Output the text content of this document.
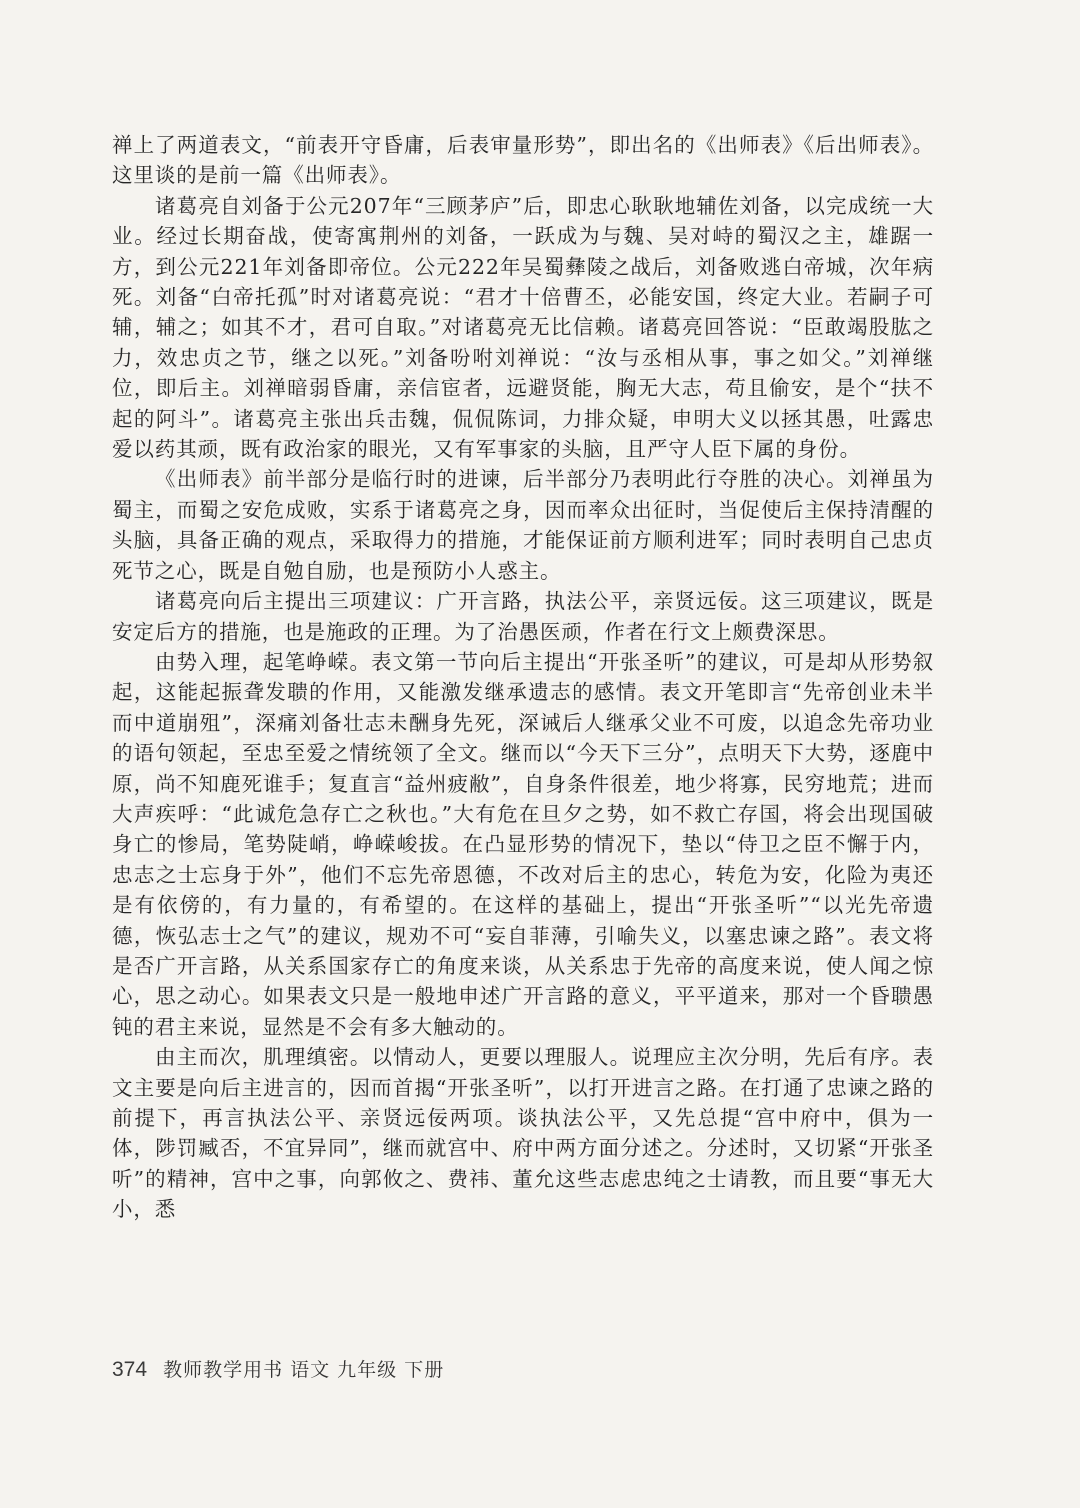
禅上了两道表文，“前表开守昏庸，后表审量形势”，即出名的《出师表》《后出师表》。这里谈的是前一篇《出师表》。

诸葛亮自刘备于公元207年“三顾茅庐”后，即忠心耿耿地辅佐刘备，以完成统一大业。经过长期奋战，使寄寓荆州的刘备，一跃成为与魏、吴对峙的蜀汉之主，雄踞一方，到公元221年刘备即帝位。公元222年吴蜀彝陵之战后，刘备败逃白帝城，次年病死。刘备“白帝托孤”时对诸葛亮说：“君才十倍曹丕，必能安国，终定大业。若嗣子可辅，辅之；如其不才，君可自取。”对诸葛亮无比信赖。诸葛亮回答说：“臣敢竭股肱之力，效忠贞之节，继之以死。”刘备吩咐刘禅说：“汝与丞相从事，事之如父。”刘禅继位，即后主。刘禅暗弱昏庸，亲信宦者，远避贤能，胸无大志，苟且偷安，是个“扶不起的阿斗”。诸葛亮主张出兵击魏，侃侃陈词，力排众疑，申明大义以拯其愚，吐露忠爱以药其顽，既有政治家的眼光，又有军事家的头脑，且严守人臣下属的身份。

《出师表》前半部分是临行时的进谏，后半部分乃表明此行夺胜的决心。刘禅虽为蜀主，而蜀之安危成败，实系于诸葛亮之身，因而率众出征时，当促使后主保持清醒的头脑，具备正确的观点，采取得力的措施，才能保证前方顺利进军；同时表明自己忠贞死节之心，既是自勉自励，也是预防小人惑主。

诸葛亮向后主提出三项建议：广开言路，执法公平，亲贤远佞。这三项建议，既是安定后方的措施，也是施政的正理。为了治愚医顽，作者在行文上颇费深思。

由势入理，起笔峥嵘。表文第一节向后主提出“开张圣听”的建议，可是却从形势叙起，这能起振聋发聩的作用，又能激发继承遗志的感情。表文开笔即言“先帝创业未半而中道崩殂”，深痛刘备壮志未酬身先死，深诫后人继承父业不可废，以追念先帝功业的语句领起，至忠至爱之情统领了全文。继而以“今天下三分”，点明天下大势，逐鹿中原，尚不知鹿死谁手；复直言“益州疲敝”，自身条件很差，地少将寡，民穷地荒；进而大声疾呼：“此诚危急存亡之秋也。”大有危在旦夕之势，如不救亡存国，将会出现国破身亡的惨局，笔势陡峭，峥嵘峻拔。在凸显形势的情况下，垫以“侍卫之臣不懈于内，忠志之士忘身于外”，他们不忘先帝恩德，不改对后主的忠心，转危为安，化险为夷还是有依傍的，有力量的，有希望的。在这样的基础上，提出“开张圣听”“以光先帝遗德，恢弘志士之气”的建议，规劝不可“妄自菲薄，引喻失义，以塞忠谏之路”。表文将是否广开言路，从关系国家存亡的角度来谈，从关系忠于先帝的高度来说，使人闻之惊心，思之动心。如果表文只是一般地申述广开言路的意义，平平道来，那对一个昏聩愚钝的君主来说，显然是不会有多大触动的。

由主而次，肌理缜密。以情动人，更要以理服人。说理应主次分明，先后有序。表文主要是向后主进言的，因而首揭“开张圣听”，以打开进言之路。在打通了忠谏之路的前提下，再言执法公平、亲贤远佞两项。谈执法公平，又先总提“宫中府中，俱为一体，陟罚臧否，不宜异同”，继而就宫中、府中两方面分述之。分述时，又切紧“开张圣听”的精神，宫中之事，向郭攸之、费祎、董允这些志虑忠纯之士请教，而且要“事无大小，悉

374 教师教学用书 语文 九年级 下册
